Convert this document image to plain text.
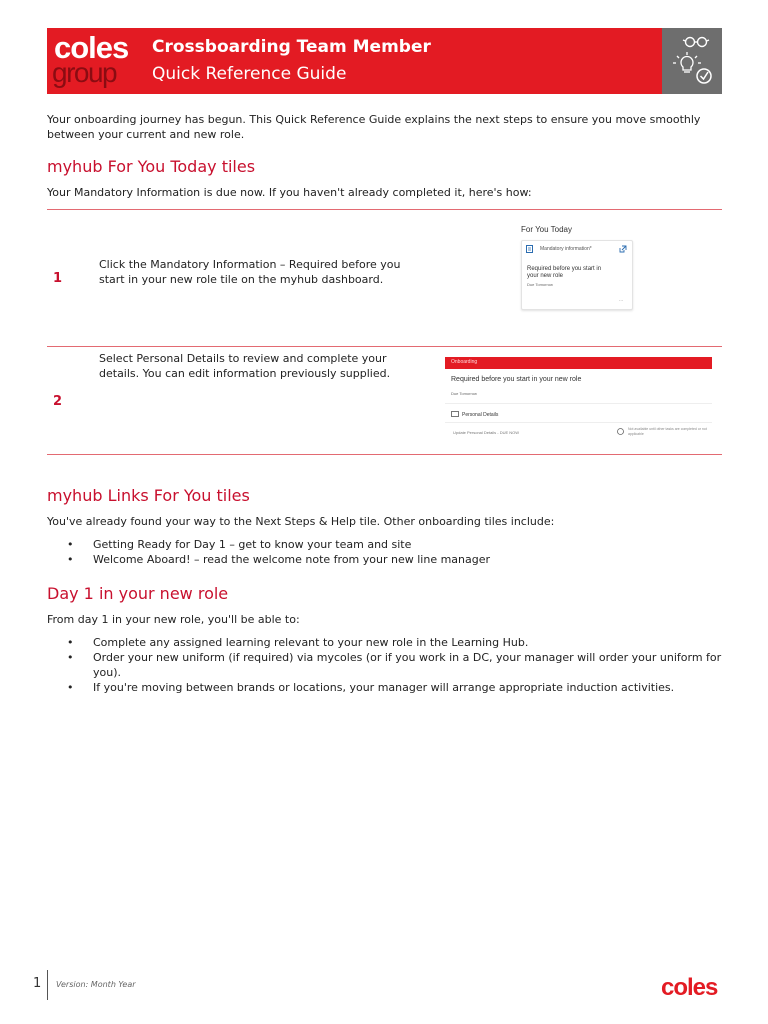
coles
group
Crossboarding Team Member
Quick Reference Guide

Your onboarding journey has begun. This Quick Reference Guide explains the next steps to ensure you move smoothly between your current and new role.

myhub For You Today tiles

Your Mandatory Information is due now. If you haven't already completed it, here's how:

1

Click the Mandatory Information – Required before you start in your new role tile on the myhub dashboard.

For You Today
Mandatory information*
Required before you start in your new role
Due Tomorrow
...
2

Select Personal Details to review and complete your details. You can edit information previously supplied.

Onboarding
Required before you start in your new role
Due Tomorrow
Personal Details
Update Personal Details - DUE NOW
Not available until other tasks are completed or not applicable
myhub Links For You tiles

You've already found your way to the Next Steps & Help tile. Other onboarding tiles include:

• Getting Ready for Day 1 – get to know your team and site
• Welcome Aboard! – read the welcome note from your new line manager
Day 1 in your new role

From day 1 in your new role, you'll be able to:

• Complete any assigned learning relevant to your new role in the Learning Hub.
• Order your new uniform (if required) via mycoles (or if you work in a DC, your manager will order your uniform for you).
• If you're moving between brands or locations, your manager will arrange appropriate induction activities.
1 Version: Month Year	coles
